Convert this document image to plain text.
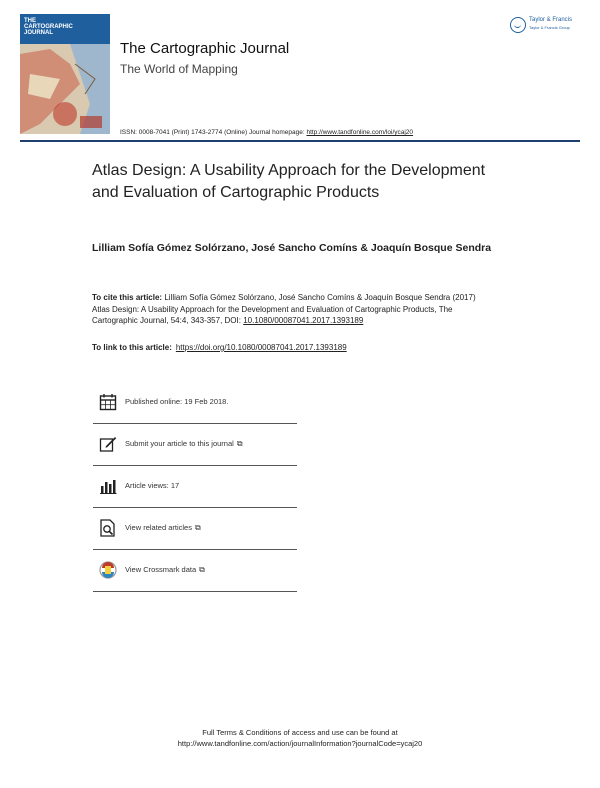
THE
CARTOGRAPHIC
JOURNAL
The Cartographic Journal
The World of Mapping
ISSN: 0008-7041 (Print) 1743-2774 (Online) Journal homepage: http://www.tandfonline.com/loi/ycaj20
Taylor & Francis
Taylor & Francis Group
Atlas Design: A Usability Approach for the Development and Evaluation of Cartographic Products
Lilliam Sofía Gómez Solórzano, José Sancho Comíns & Joaquín Bosque Sendra
To cite this article: Lilliam Sofía Gómez Solórzano, José Sancho Comíns & Joaquín Bosque Sendra (2017) Atlas Design: A Usability Approach for the Development and Evaluation of Cartographic Products, The Cartographic Journal, 54:4, 343-357, DOI: 10.1080/00087041.2017.1393189
To link to this article: https://doi.org/10.1080/00087041.2017.1393189
Published online: 19 Feb 2018.
Submit your article to this journal ⧉
Article views: 17
View related articles ⧉
View Crossmark data ⧉
Full Terms & Conditions of access and use can be found at
http://www.tandfonline.com/action/journalInformation?journalCode=ycaj20
